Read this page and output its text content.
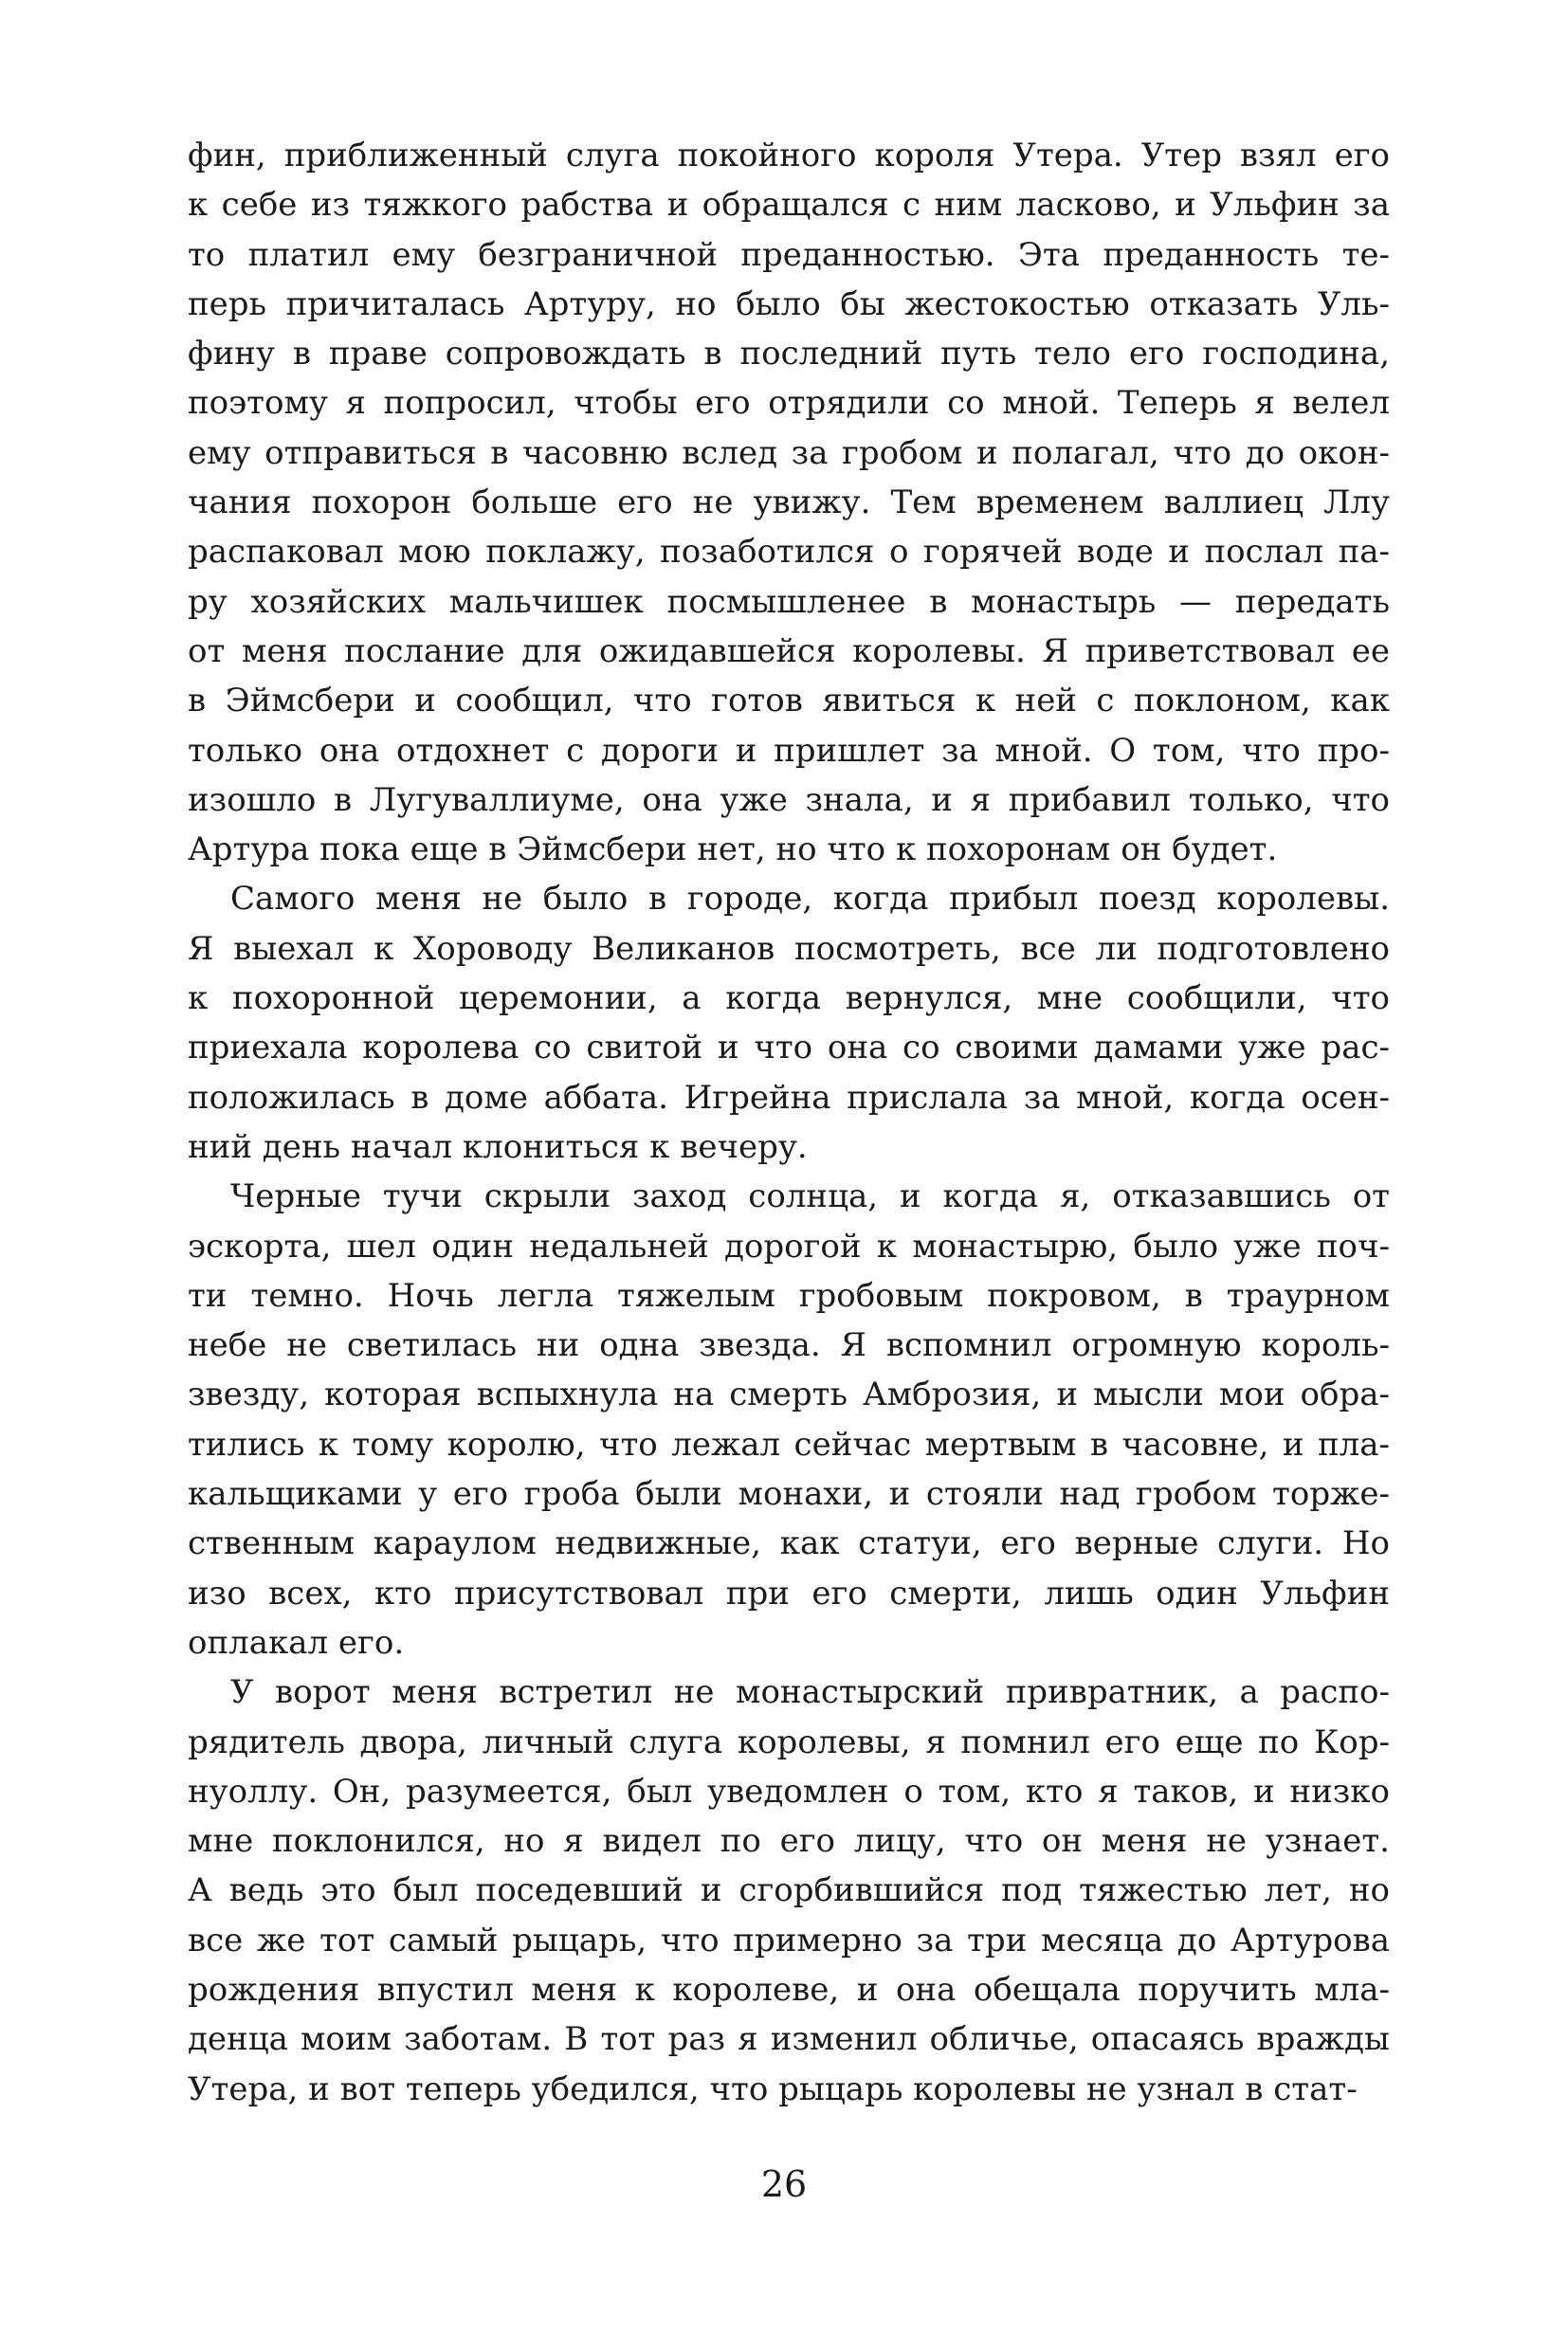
фин, приближенный слуга покойного короля Утера. Утер взял его
к себе из тяжкого рабства и обращался с ним ласково, и Ульфин за
то платил ему безграничной преданностью. Эта преданность те-
перь причиталась Артуру, но было бы жестокостью отказать Уль-
фину в праве сопровождать в последний путь тело его господина,
поэтому я попросил, чтобы его отрядили со мной. Теперь я велел
ему отправиться в часовню вслед за гробом и полагал, что до окон-
чания похорон больше его не увижу. Тем временем валлиец Ллу
распаковал мою поклажу, позаботился о горячей воде и послал па-
ру хозяйских мальчишек посмышленее в монастырь — передать
от меня послание для ожидавшейся королевы. Я приветствовал ее
в Эймсбери и сообщил, что готов явиться к ней с поклоном, как
только она отдохнет с дороги и пришлет за мной. О том, что про-
изошло в Лугуваллиуме, она уже знала, и я прибавил только, что
Артура пока еще в Эймсбери нет, но что к похоронам он будет.
Самого меня не было в городе, когда прибыл поезд королевы.
Я выехал к Хороводу Великанов посмотреть, все ли подготовлено
к похоронной церемонии, а когда вернулся, мне сообщили, что
приехала королева со свитой и что она со своими дамами уже рас-
положилась в доме аббата. Игрейна прислала за мной, когда осен-
ний день начал клониться к вечеру.
Черные тучи скрыли заход солнца, и когда я, отказавшись от
эскорта, шел один недальней дорогой к монастырю, было уже поч-
ти темно. Ночь легла тяжелым гробовым покровом, в траурном
небе не светилась ни одна звезда. Я вспомнил огромную король-
звезду, которая вспыхнула на смерть Амброзия, и мысли мои обра-
тились к тому королю, что лежал сейчас мертвым в часовне, и пла-
кальщиками у его гроба были монахи, и стояли над гробом торже-
ственным караулом недвижные, как статуи, его верные слуги. Но
изо всех, кто присутствовал при его смерти, лишь один Ульфин
оплакал его.
У ворот меня встретил не монастырский привратник, а распо-
рядитель двора, личный слуга королевы, я помнил его еще по Кор-
нуоллу. Он, разумеется, был уведомлен о том, кто я таков, и низко
мне поклонился, но я видел по его лицу, что он меня не узнает.
А ведь это был поседевший и сгорбившийся под тяжестью лет, но
все же тот самый рыцарь, что примерно за три месяца до Артурова
рождения впустил меня к королеве, и она обещала поручить мла-
денца моим заботам. В тот раз я изменил обличье, опасаясь вражды
Утера, и вот теперь убедился, что рыцарь королевы не узнал в стат-
26
